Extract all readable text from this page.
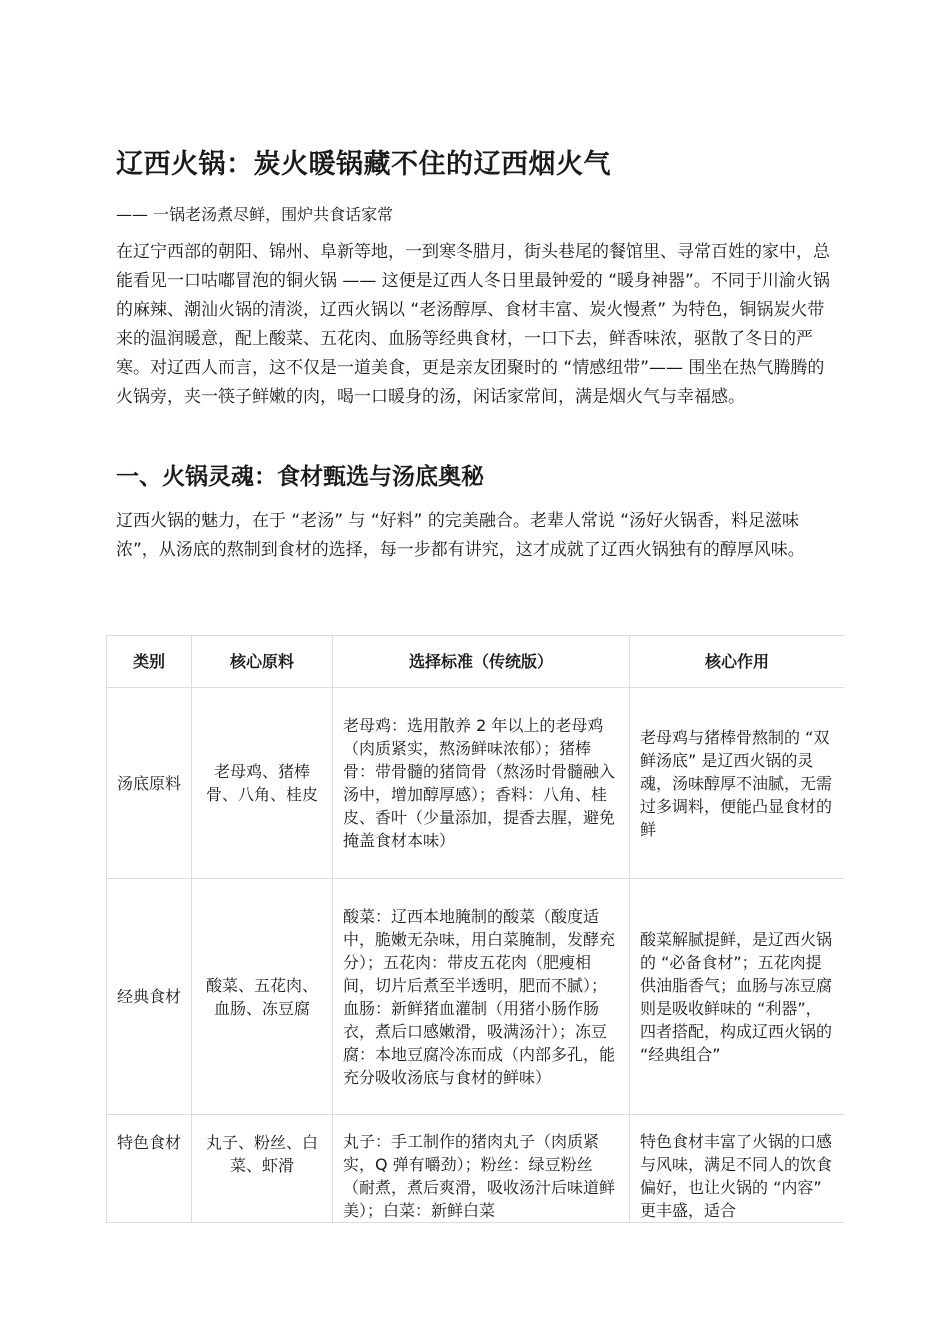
辽西火锅：炭火暖锅藏不住的辽西烟火气

—— 一锅老汤煮尽鲜，围炉共食话家常

在辽宁西部的朝阳、锦州、阜新等地，一到寒冬腊月，街头巷尾的餐馆里、寻常百姓的家中，总能看见一口咕嘟冒泡的铜火锅 —— 这便是辽西人冬日里最钟爱的 “暖身神器”。不同于川渝火锅的麻辣、潮汕火锅的清淡，辽西火锅以 “老汤醇厚、食材丰富、炭火慢煮” 为特色，铜锅炭火带来的温润暖意，配上酸菜、五花肉、血肠等经典食材，一口下去，鲜香味浓，驱散了冬日的严寒。对辽西人而言，这不仅是一道美食，更是亲友团聚时的 “情感纽带”—— 围坐在热气腾腾的火锅旁，夹一筷子鲜嫩的肉，喝一口暖身的汤，闲话家常间，满是烟火气与幸福感。

一、火锅灵魂：食材甄选与汤底奥秘

辽西火锅的魅力，在于 “老汤” 与 “好料” 的完美融合。老辈人常说 “汤好火锅香，料足滋味浓”，从汤底的熬制到食材的选择，每一步都有讲究，这才成就了辽西火锅独有的醇厚风味。

类别	核心原料	选择标准（传统版）	核心作用
汤底原料	老母鸡、猪棒骨、八角、桂皮	老母鸡：选用散养 2 年以上的老母鸡（肉质紧实，熬汤鲜味浓郁）；猪棒骨：带骨髓的猪筒骨（熬汤时骨髓融入汤中，增加醇厚感）；香料：八角、桂皮、香叶（少量添加，提香去腥，避免掩盖食材本味）	老母鸡与猪棒骨熬制的 “双鲜汤底” 是辽西火锅的灵魂，汤味醇厚不油腻，无需过多调料，便能凸显食材的鲜
经典食材	酸菜、五花肉、血肠、冻豆腐	酸菜：辽西本地腌制的酸菜（酸度适中，脆嫩无杂味，用白菜腌制，发酵充分）；五花肉：带皮五花肉（肥瘦相间，切片后煮至半透明，肥而不腻）；血肠：新鲜猪血灌制（用猪小肠作肠衣，煮后口感嫩滑，吸满汤汁）；冻豆腐：本地豆腐冷冻而成（内部多孔，能充分吸收汤底与食材的鲜味）	酸菜解腻提鲜，是辽西火锅的 “必备食材”；五花肉提供油脂香气；血肠与冻豆腐则是吸收鲜味的 “利器”，四者搭配，构成辽西火锅的 “经典组合”
特色食材	丸子、粉丝、白菜、虾滑	丸子：手工制作的猪肉丸子（肉质紧实，Q 弹有嚼劲）；粉丝：绿豆粉丝（耐煮，煮后爽滑，吸收汤汁后味道鲜美）；白菜：新鲜白菜	特色食材丰富了火锅的口感与风味，满足不同人的饮食偏好，也让火锅的 “内容” 更丰盛，适合
